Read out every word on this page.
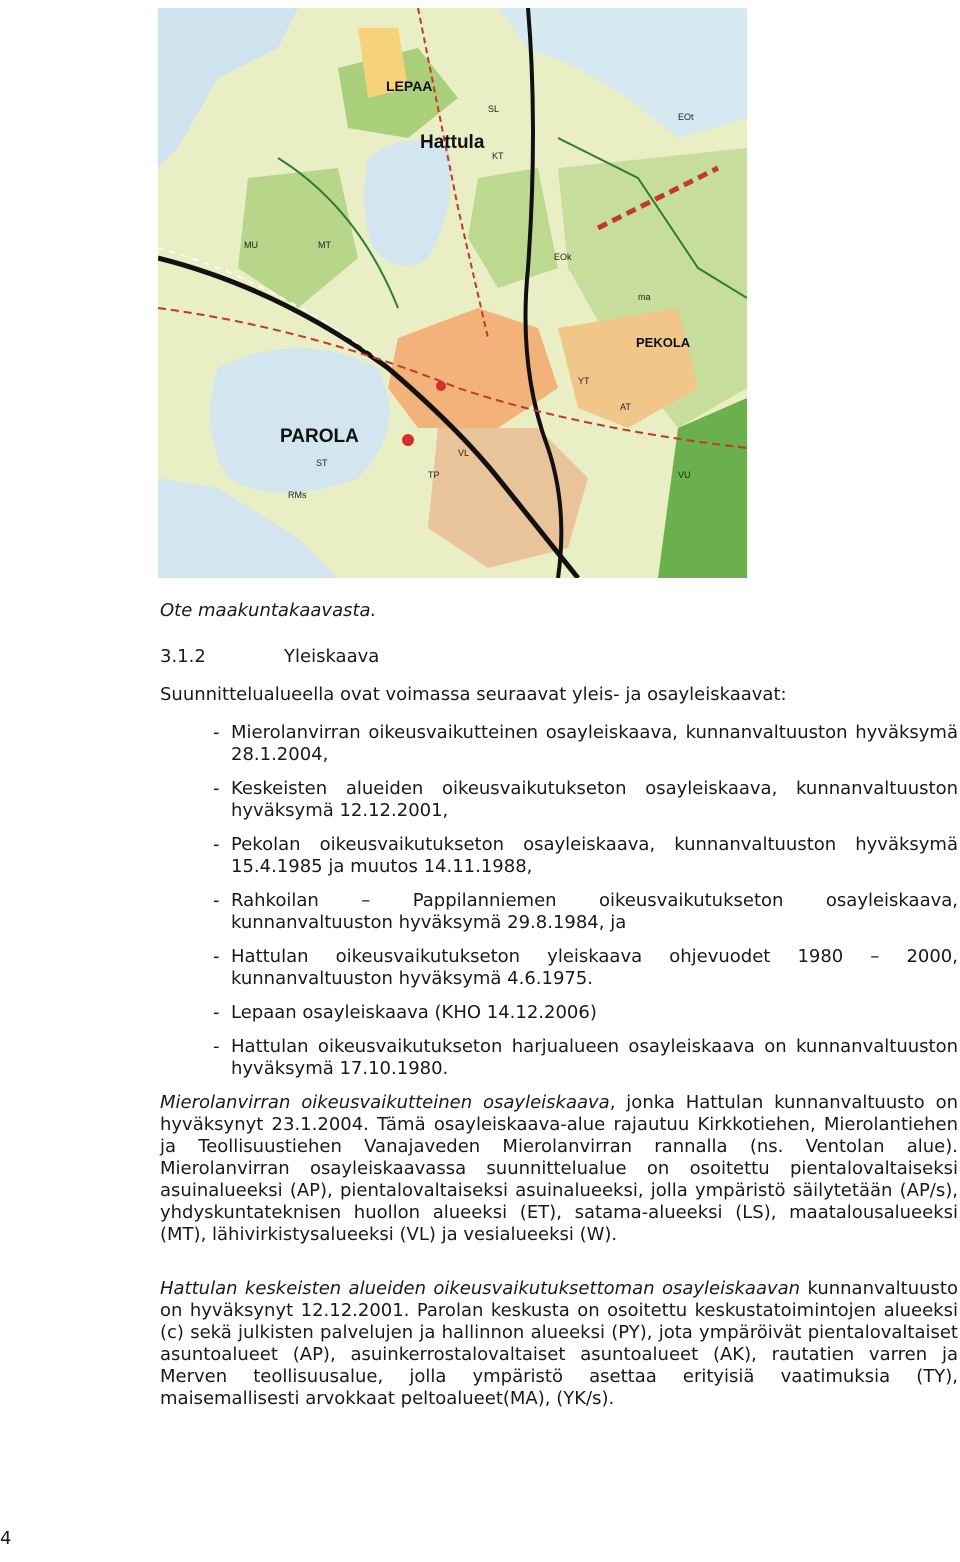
LEPAA
Hattula
PAROLA
PEKOLA
KT
YT
ST
SL
MT
MU
AT
ma
EOt
EOk
VL
TP
RMs
VU
Ote maakuntakaavasta.
3.1.2	Yleiskaava
Suunnittelualueella ovat voimassa seuraavat yleis- ja osayleiskaavat:
- Mierolanvirran oikeusvaikutteinen osayleiskaava, kunnanvaltuuston hyväksymä 28.1.2004,
- Keskeisten alueiden oikeusvaikutukseton osayleiskaava, kunnanvaltuuston hyväksymä 12.12.2001,
- Pekolan oikeusvaikutukseton osayleiskaava, kunnanvaltuuston hyväksymä 15.4.1985 ja muutos 14.11.1988,
- Rahkoilan – Pappilanniemen oikeusvaikutukseton osayleiskaava, kunnanvaltuuston hyväksymä 29.8.1984, ja
- Hattulan oikeusvaikutukseton yleiskaava ohjevuodet 1980 – 2000, kunnanvaltuuston hyväksymä 4.6.1975.
- Lepaan osayleiskaava (KHO 14.12.2006)
- Hattulan oikeusvaikutukseton harjualueen osayleiskaava on kunnanvaltuuston hyväksymä 17.10.1980.

Mierolanvirran oikeusvaikutteinen osayleiskaava, jonka Hattulan kunnanvaltuusto on hyväksynyt 23.1.2004. Tämä osayleiskaava-alue rajautuu Kirkkotiehen, Mierolantiehen ja Teollisuustiehen Vanajaveden Mierolanvirran rannalla (ns. Ventolan alue). Mierolanvirran osayleiskaavassa suunnittelualue on osoitettu pientalovaltaiseksi asuinalueeksi (AP), pientalovaltaiseksi asuinalueeksi, jolla ympäristö säilytetään (AP/s), yhdyskuntateknisen huollon alueeksi (ET), satama-alueeksi (LS), maatalousalueeksi (MT), lähivirkistysalueeksi (VL) ja vesialueeksi (W).

Hattulan keskeisten alueiden oikeusvaikutuksettoman osayleiskaavan kunnanvaltuusto on hyväksynyt 12.12.2001. Parolan keskusta on osoitettu keskustatoimintojen alueeksi (c) sekä julkisten palvelujen ja hallinnon alueeksi (PY), jota ympäröivät pientalovaltaiset asuntoalueet (AP), asuinkerrostalovaltaiset asuntoalueet (AK), rautatien varren ja Merven teollisuusalue, jolla ympäristö asettaa erityisiä vaatimuksia (TY), maisemallisesti arvokkaat peltoalueet(MA), (YK/s).

4
